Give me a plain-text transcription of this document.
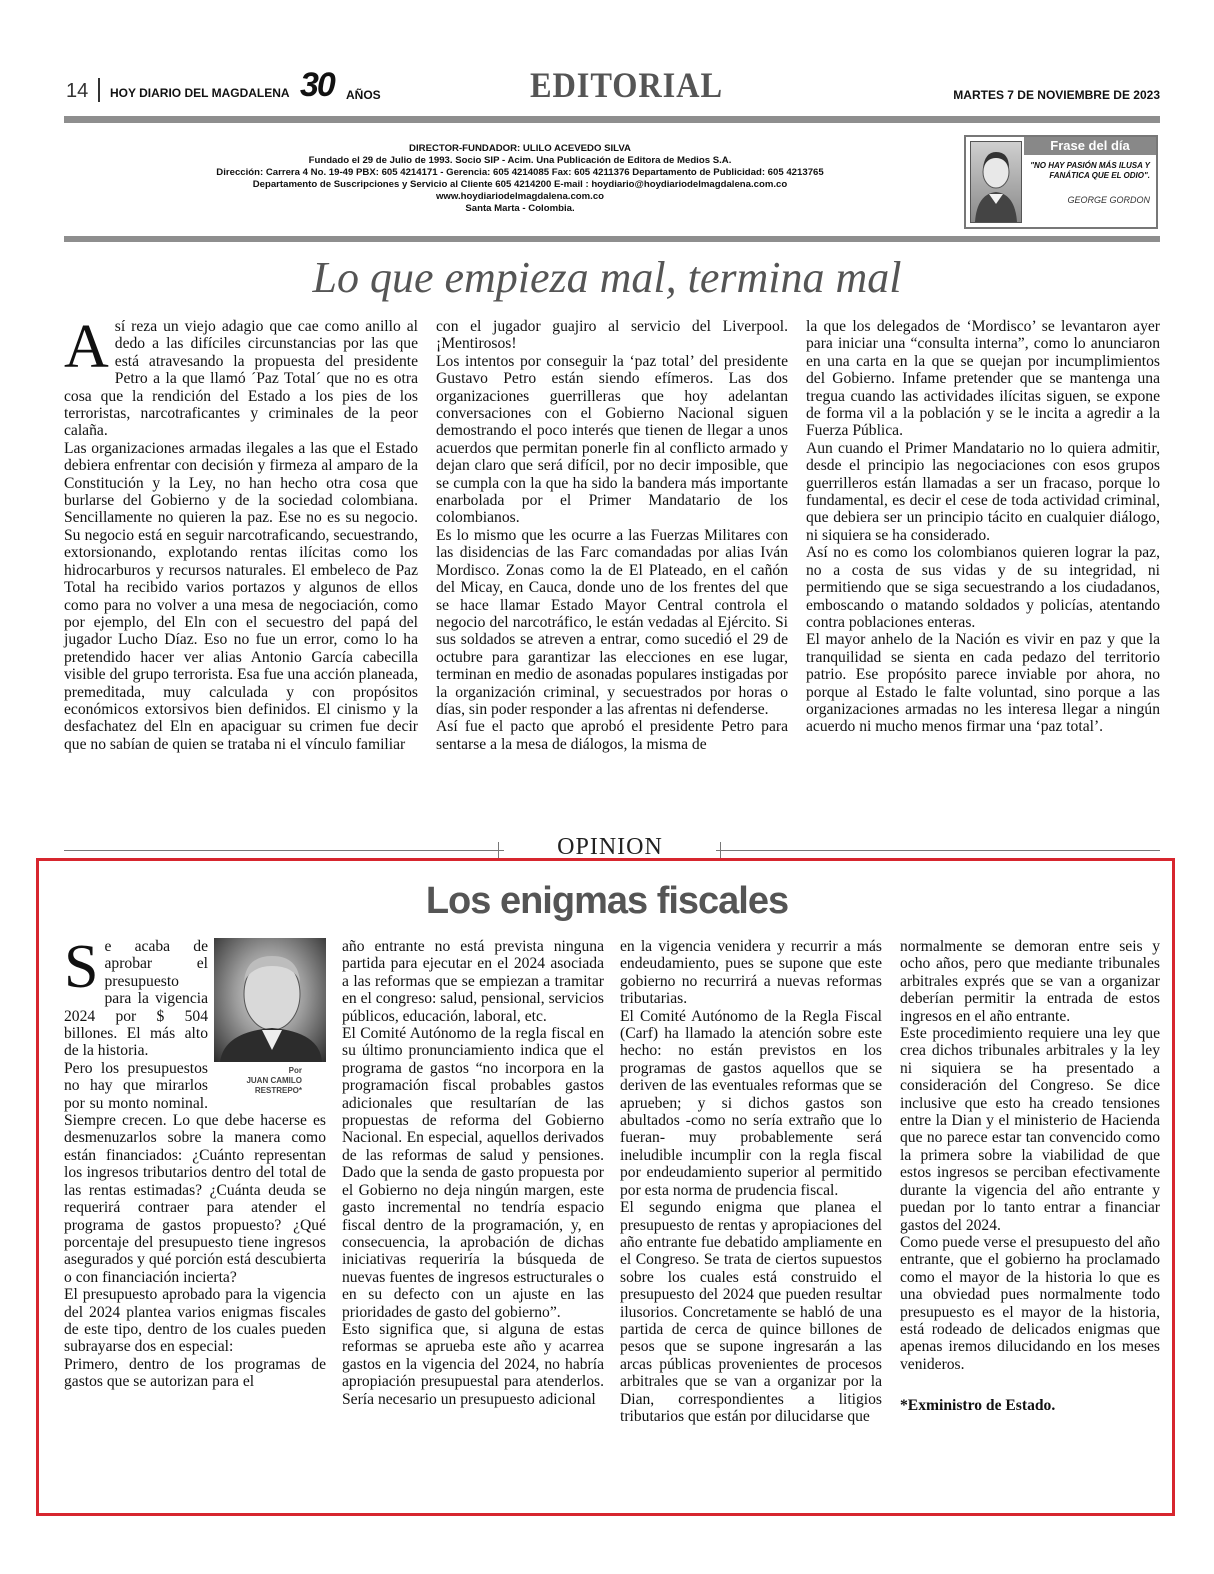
14 HOY DIARIO DEL MAGDALENA 30 AÑOS	EDITORIAL	MARTES 7 DE NOVIEMBRE DE 2023
DIRECTOR-FUNDADOR: ULILO ACEVEDO SILVA
Fundado el 29 de Julio de 1993. Socio SIP - Acim. Una Publicación de Editora de Medios S.A.
Dirección: Carrera 4 No. 19-49 PBX: 605 4214171 - Gerencia: 605 4214085 Fax: 605 4211376 Departamento de Publicidad: 605 4213765
Departamento de Suscripciones y Servicio al Cliente 605 4214200 E-mail : hoydiario@hoydiariodelmagdalena.com.co
www.hoydiariodelmagdalena.com.co
Santa Marta - Colombia.
Frase del día
"NO HAY PASIÓN MÁS ILUSA Y FANÁTICA QUE EL ODIO".
GEORGE GORDON
Lo que empieza mal, termina mal

Así reza un viejo adagio que cae como anillo al dedo a las difíciles circunstancias por las que está atravesando la propuesta del presidente Petro a la que llamó ´Paz Total´ que no es otra cosa que la rendición del Estado a los pies de los terroristas, narcotraficantes y criminales de la peor calaña.

Las organizaciones armadas ilegales a las que el Estado debiera enfrentar con decisión y firmeza al amparo de la Constitución y la Ley, no han hecho otra cosa que burlarse del Gobierno y de la sociedad colombiana. Sencillamente no quieren la paz. Ese no es su negocio. Su negocio está en seguir narcotraficando, secuestrando, extorsionando, explotando rentas ilícitas como los hidrocarburos y recursos naturales. El embeleco de Paz Total ha recibido varios portazos y algunos de ellos como para no volver a una mesa de negociación, como por ejemplo, del Eln con el secuestro del papá del jugador Lucho Díaz. Eso no fue un error, como lo ha pretendido hacer ver alias Antonio García cabecilla visible del grupo terrorista. Esa fue una acción planeada, premeditada, muy calculada y con propósitos económicos extorsivos bien definidos. El cinismo y la desfachatez del Eln en apaciguar su crimen fue decir que no sabían de quien se trataba ni el vínculo familiar

con el jugador guajiro al servicio del Liverpool. ¡Mentirosos!

Los intentos por conseguir la ‘paz total’ del presidente Gustavo Petro están siendo efímeros. Las dos organizaciones guerrilleras que hoy adelantan conversaciones con el Gobierno Nacional siguen demostrando el poco interés que tienen de llegar a unos acuerdos que permitan ponerle fin al conflicto armado y dejan claro que será difícil, por no decir imposible, que se cumpla con la que ha sido la bandera más importante enarbolada por el Primer Mandatario de los colombianos.

Es lo mismo que les ocurre a las Fuerzas Militares con las disidencias de las Farc comandadas por alias Iván Mordisco. Zonas como la de El Plateado, en el cañón del Micay, en Cauca, donde uno de los frentes del que se hace llamar Estado Mayor Central controla el negocio del narcotráfico, le están vedadas al Ejército. Si sus soldados se atreven a entrar, como sucedió el 29 de octubre para garantizar las elecciones en ese lugar, terminan en medio de asonadas populares instigadas por la organización criminal, y secuestrados por horas o días, sin poder responder a las afrentas ni defenderse.

Así fue el pacto que aprobó el presidente Petro para sentarse a la mesa de diálogos, la misma de

la que los delegados de ‘Mordisco’ se levantaron ayer para iniciar una “consulta interna”, como lo anunciaron en una carta en la que se quejan por incumplimientos del Gobierno. Infame pretender que se mantenga una tregua cuando las actividades ilícitas siguen, se expone de forma vil a la población y se le incita a agredir a la Fuerza Pública.

Aun cuando el Primer Mandatario no lo quiera admitir, desde el principio las negociaciones con esos grupos guerrilleros están llamadas a ser un fracaso, porque lo fundamental, es decir el cese de toda actividad criminal, que debiera ser un principio tácito en cualquier diálogo, ni siquiera se ha considerado.

Así no es como los colombianos quieren lograr la paz, no a costa de sus vidas y de su integridad, ni permitiendo que se siga secuestrando a los ciudadanos, emboscando o matando soldados y policías, atentando contra poblaciones enteras.

El mayor anhelo de la Nación es vivir en paz y que la tranquilidad se sienta en cada pedazo del territorio patrio. Ese propósito parece inviable por ahora, no porque al Estado le falte voluntad, sino porque a las organizaciones armadas no les interesa llegar a ningún acuerdo ni mucho menos firmar una ‘paz total’.

OPINION
Los enigmas fiscales
Por
JUAN CAMILO RESTREPO*

Se acaba de aprobar el presupuesto para la vigencia 2024 por $ 504 billones. El más alto de la historia.

Pero los presupuestos no hay que mirarlos por su monto nominal. Siempre crecen. Lo que debe hacerse es desmenuzarlos sobre la manera como están financiados: ¿Cuánto representan los ingresos tributarios dentro del total de las rentas estimadas? ¿Cuánta deuda se requerirá contraer para atender el programa de gastos propuesto? ¿Qué porcentaje del presupuesto tiene ingresos asegurados y qué porción está descubierta o con financiación incierta?

El presupuesto aprobado para la vigencia del 2024 plantea varios enigmas fiscales de este tipo, dentro de los cuales pueden subrayarse dos en especial:

Primero, dentro de los programas de gastos que se autorizan para el

año entrante no está prevista ninguna partida para ejecutar en el 2024 asociada a las reformas que se empiezan a tramitar en el congreso: salud, pensional, servicios públicos, educación, laboral, etc.

El Comité Autónomo de la regla fiscal en su último pronunciamiento indica que el programa de gastos “no incorpora en la programación fiscal probables gastos adicionales que resultarían de las propuestas de reforma del Gobierno Nacional. En especial, aquellos derivados de las reformas de salud y pensiones. Dado que la senda de gasto propuesta por el Gobierno no deja ningún margen, este gasto incremental no tendría espacio fiscal dentro de la programación, y, en consecuencia, la aprobación de dichas iniciativas requeriría la búsqueda de nuevas fuentes de ingresos estructurales o en su defecto con un ajuste en las prioridades de gasto del gobierno”.

Esto significa que, si alguna de estas reformas se aprueba este año y acarrea gastos en la vigencia del 2024, no habría apropiación presupuestal para atenderlos. Sería necesario un presupuesto adicional

en la vigencia venidera y recurrir a más endeudamiento, pues se supone que este gobierno no recurrirá a nuevas reformas tributarias.

El Comité Autónomo de la Regla Fiscal (Carf) ha llamado la atención sobre este hecho: no están previstos en los programas de gastos aquellos que se deriven de las eventuales reformas que se aprueben; y si dichos gastos son abultados -como no sería extraño que lo fueran- muy probablemente será ineludible incumplir con la regla fiscal por endeudamiento superior al permitido por esta norma de prudencia fiscal.

El segundo enigma que planea el presupuesto de rentas y apropiaciones del año entrante fue debatido ampliamente en el Congreso. Se trata de ciertos supuestos sobre los cuales está construido el presupuesto del 2024 que pueden resultar ilusorios. Concretamente se habló de una partida de cerca de quince billones de pesos que se supone ingresarán a las arcas públicas provenientes de procesos arbitrales que se van a organizar por la Dian, correspondientes a litigios tributarios que están por dilucidarse que

normalmente se demoran entre seis y ocho años, pero que mediante tribunales arbitrales exprés que se van a organizar deberían permitir la entrada de estos ingresos en el año entrante.

Este procedimiento requiere una ley que crea dichos tribunales arbitrales y la ley ni siquiera se ha presentado a consideración del Congreso. Se dice inclusive que esto ha creado tensiones entre la Dian y el ministerio de Hacienda que no parece estar tan convencido como la primera sobre la viabilidad de que estos ingresos se perciban efectivamente durante la vigencia del año entrante y puedan por lo tanto entrar a financiar gastos del 2024.

Como puede verse el presupuesto del año entrante, que el gobierno ha proclamado como el mayor de la historia lo que es una obviedad pues normalmente todo presupuesto es el mayor de la historia, está rodeado de delicados enigmas que apenas iremos dilucidando en los meses venideros.

*Exministro de Estado.
